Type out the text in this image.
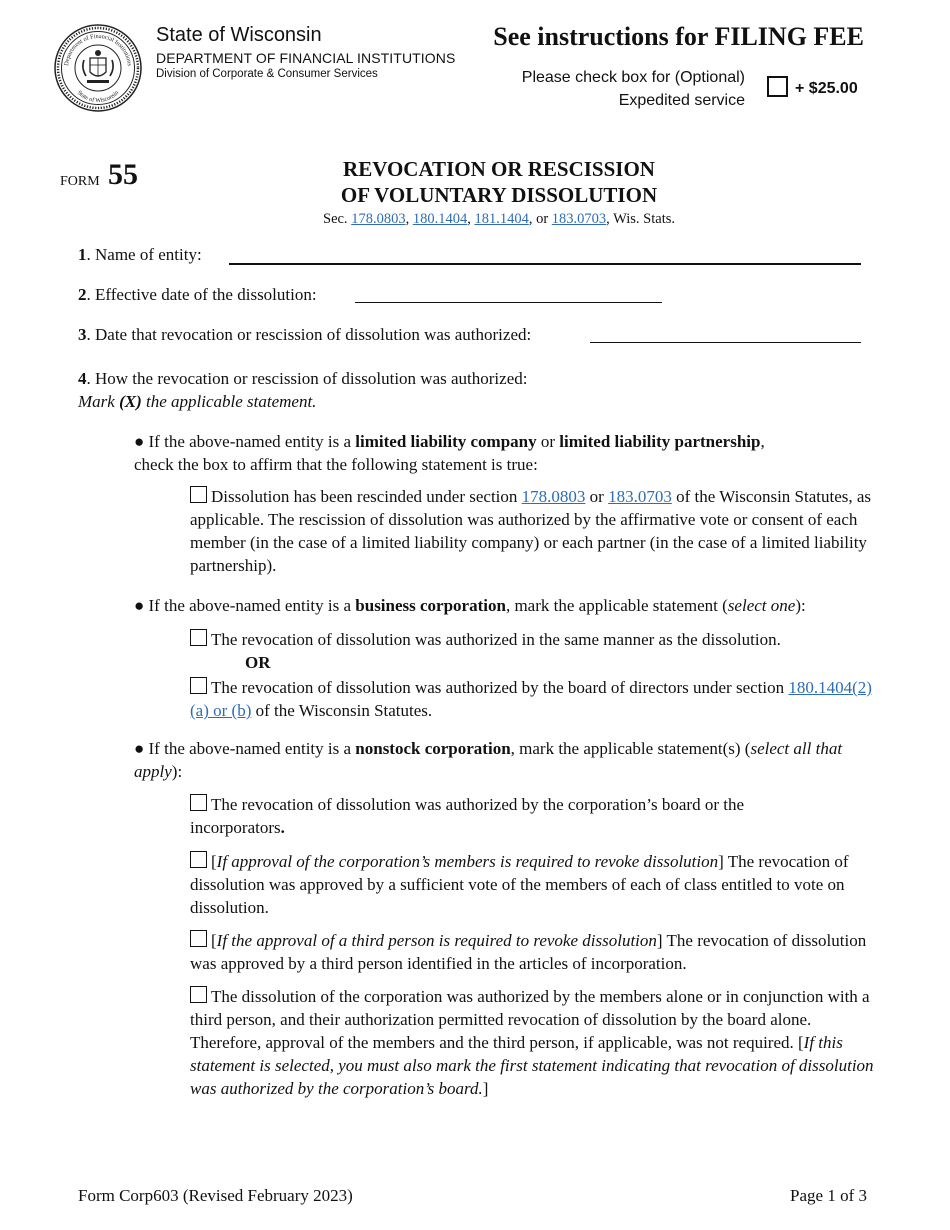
Department of Financial Institutions
State of Wisconsin
State of Wisconsin
DEPARTMENT OF FINANCIAL INSTITUTIONS
Division of Corporate & Consumer Services
See instructions for FILING FEE
Please check box for (Optional)
Expedited service
+ $25.00
FORM 55	REVOCATION OR RESCISSION
OF VOLUNTARY DISSOLUTION
Sec. 178.0803, 180.1404, 181.1404, or 183.0703, Wis. Stats.
1. Name of entity:
2. Effective date of the dissolution:
3. Date that revocation or rescission of dissolution was authorized:
4. How the revocation or rescission of dissolution was authorized:
Mark (X) the applicable statement.
● If the above-named entity is a limited liability company or limited liability partnership,
check the box to affirm that the following statement is true:
Dissolution has been rescinded under section 178.0803 or 183.0703 of the Wisconsin Statutes, as applicable. The rescission of dissolution was authorized by the affirmative vote or consent of each member (in the case of a limited liability company) or each partner (in the case of a limited liability partnership).
● If the above-named entity is a business corporation, mark the applicable statement (select one):
The revocation of dissolution was authorized in the same manner as the dissolution.
OR
The revocation of dissolution was authorized by the board of directors under section 180.1404(2)(a) or (b) of the Wisconsin Statutes.
● If the above-named entity is a nonstock corporation, mark the applicable statement(s) (select all that apply):
The revocation of dissolution was authorized by the corporation’s board or the incorporators.
[If approval of the corporation’s members is required to revoke dissolution] The revocation of dissolution was approved by a sufficient vote of the members of each of class entitled to vote on dissolution.
[If the approval of a third person is required to revoke dissolution] The revocation of dissolution was approved by a third person identified in the articles of incorporation.
The dissolution of the corporation was authorized by the members alone or in conjunction with a third person, and their authorization permitted revocation of dissolution by the board alone. Therefore, approval of the members and the third person, if applicable, was not required. [If this statement is selected, you must also mark the first statement indicating that revocation of dissolution was authorized by the corporation’s board.]
Form Corp603 (Revised February 2023)	Page 1 of 3
